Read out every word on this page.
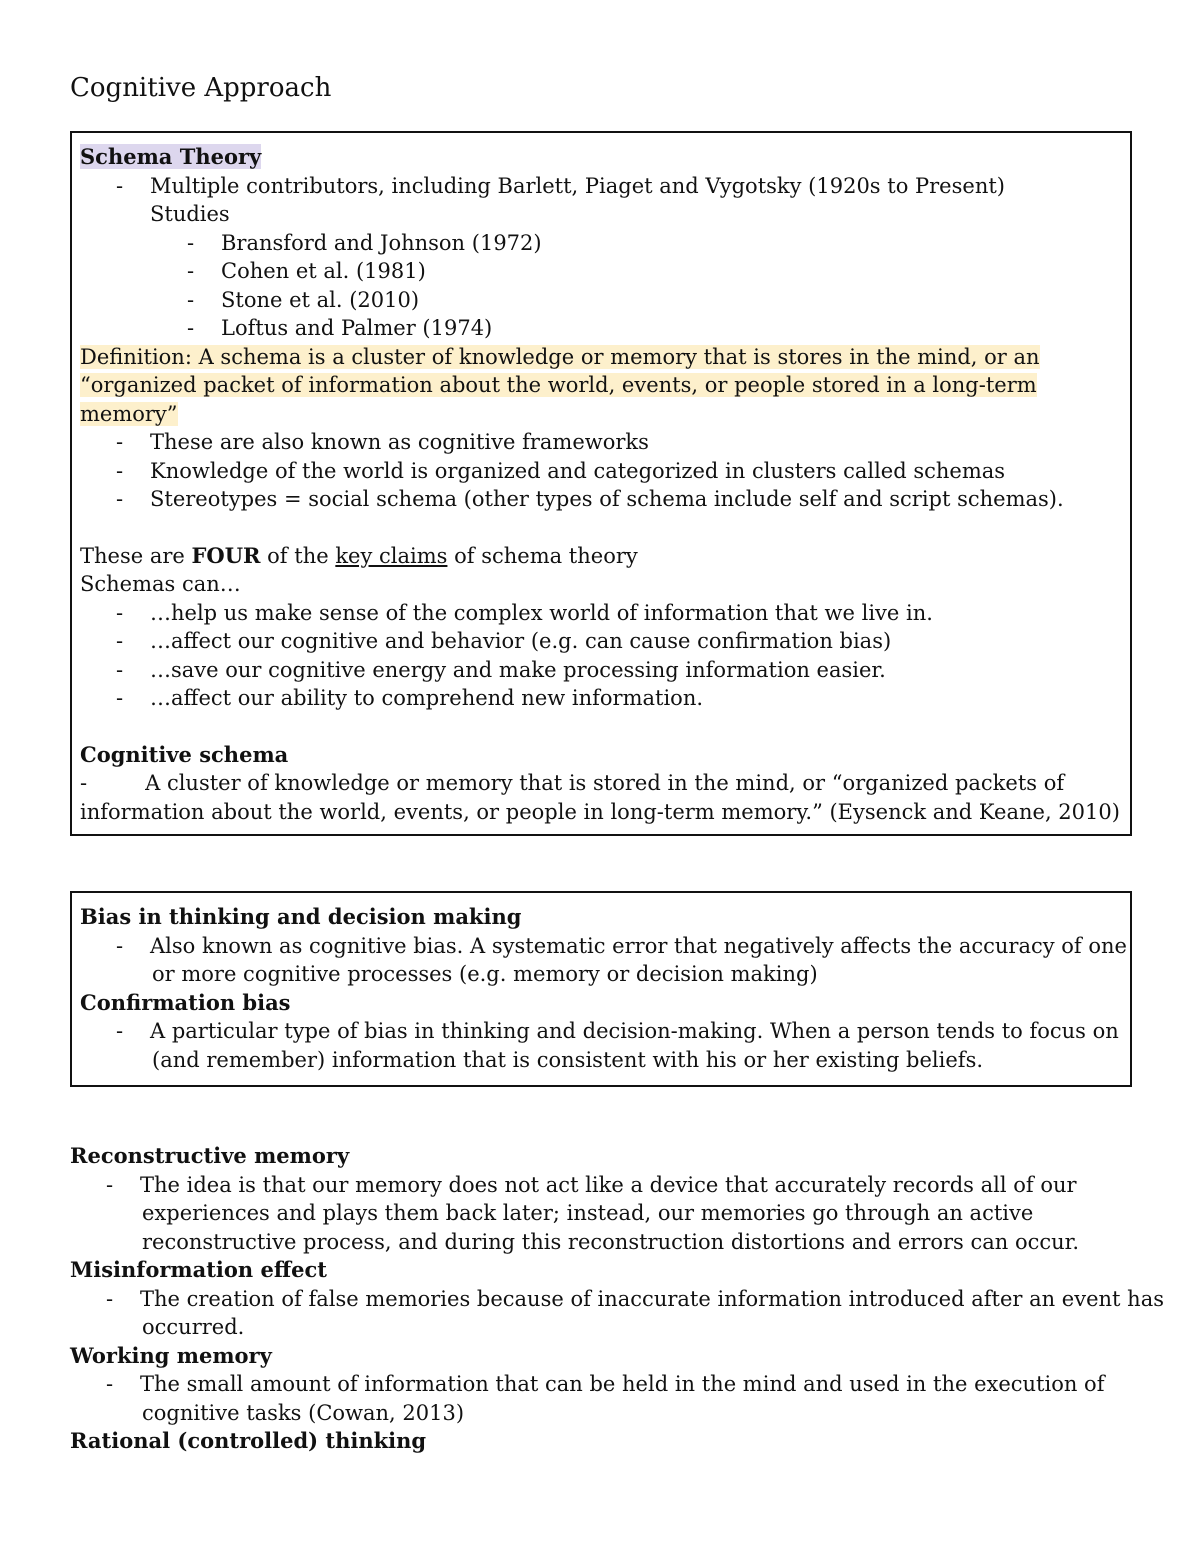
Cognitive Approach
Schema Theory
- Multiple contributors, including Barlett, Piaget and Vygotsky (1920s to Present)
Studies
- Bransford and Johnson (1972)
- Cohen et al. (1981)
- Stone et al. (2010)
- Loftus and Palmer (1974)
Definition: A schema is a cluster of knowledge or memory that is stores in the mind, or an
“organized packet of information about the world, events, or people stored in a long-term
memory”
- These are also known as cognitive frameworks
- Knowledge of the world is organized and categorized in clusters called schemas
- Stereotypes = social schema (other types of schema include self and script schemas).
These are FOUR of the key claims of schema theory
Schemas can…
- …help us make sense of the complex world of information that we live in.
- …affect our cognitive and behavior (e.g. can cause confirmation bias)
- …save our cognitive energy and make processing information easier.
- …affect our ability to comprehend new information.
Cognitive schema
-	A cluster of knowledge or memory that is stored in the mind, or “organized packets of
information about the world, events, or people in long-term memory.” (Eysenck and Keane, 2010)
Bias in thinking and decision making
- Also known as cognitive bias. A systematic error that negatively affects the accuracy of one
or more cognitive processes (e.g. memory or decision making)
Confirmation bias
- A particular type of bias in thinking and decision-making. When a person tends to focus on
(and remember) information that is consistent with his or her existing beliefs.
Reconstructive memory
- The idea is that our memory does not act like a device that accurately records all of our
experiences and plays them back later; instead, our memories go through an active
reconstructive process, and during this reconstruction distortions and errors can occur.
Misinformation effect
- The creation of false memories because of inaccurate information introduced after an event has
occurred.
Working memory
- The small amount of information that can be held in the mind and used in the execution of
cognitive tasks (Cowan, 2013)
Rational (controlled) thinking
